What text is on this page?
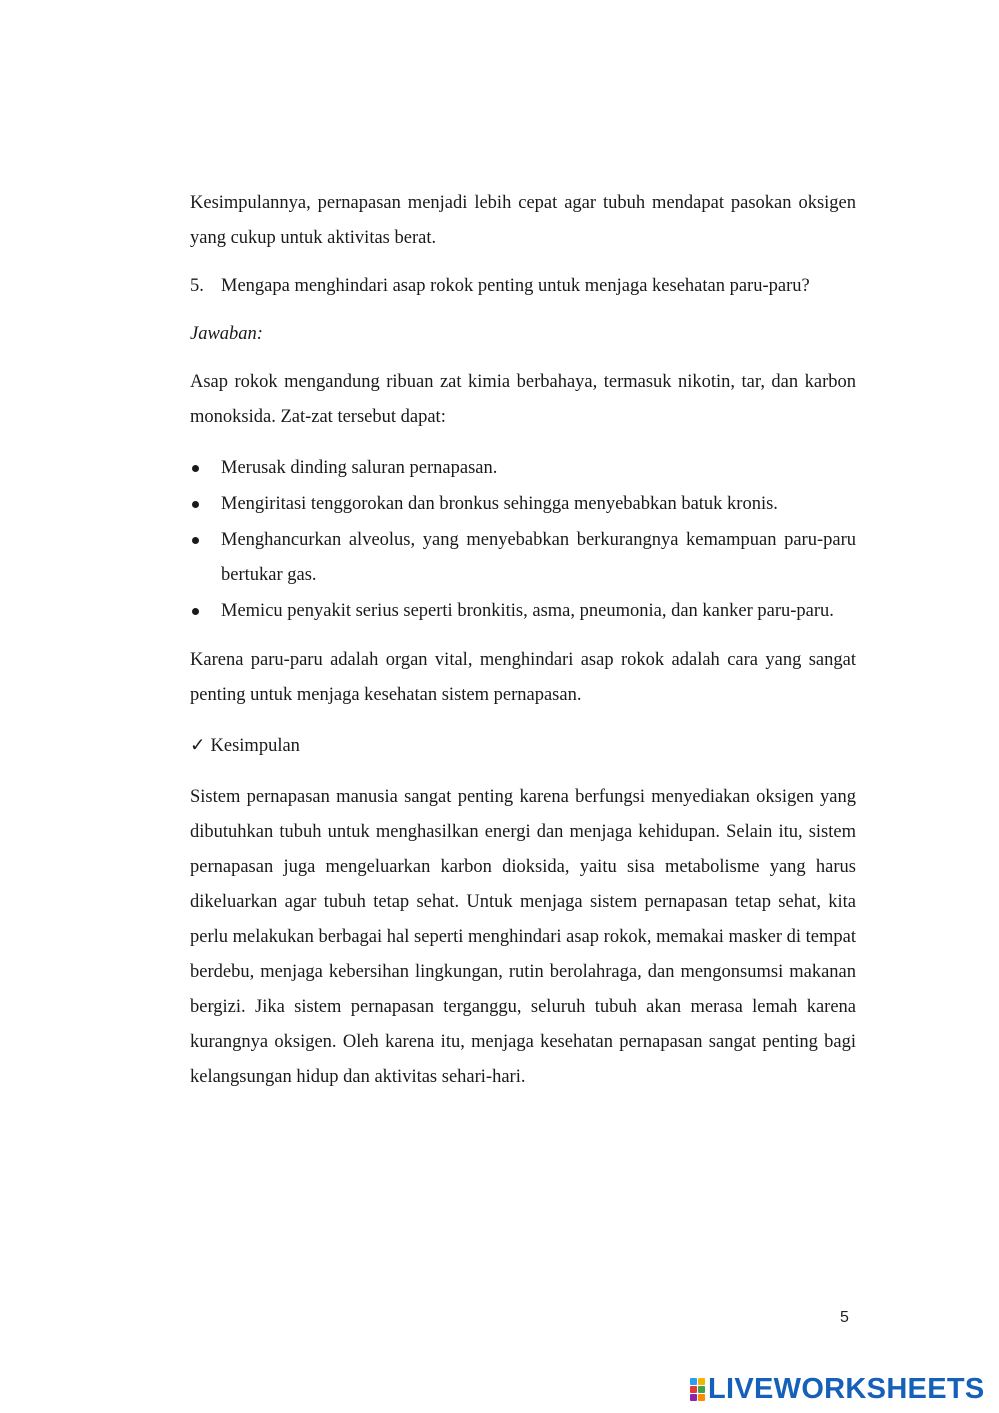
Kesimpulannya, pernapasan menjadi lebih cepat agar tubuh mendapat pasokan oksigen yang cukup untuk aktivitas berat.

5. Mengapa menghindari asap rokok penting untuk menjaga kesehatan paru-paru?

Jawaban:

Asap rokok mengandung ribuan zat kimia berbahaya, termasuk nikotin, tar, dan karbon monoksida. Zat-zat tersebut dapat:

Merusak dinding saluran pernapasan.
Mengiritasi tenggorokan dan bronkus sehingga menyebabkan batuk kronis.
Menghancurkan alveolus, yang menyebabkan berkurangnya kemampuan paru-paru bertukar gas.
Memicu penyakit serius seperti bronkitis, asma, pneumonia, dan kanker paru-paru.

Karena paru-paru adalah organ vital, menghindari asap rokok adalah cara yang sangat penting untuk menjaga kesehatan sistem pernapasan.

✓ Kesimpulan

Sistem pernapasan manusia sangat penting karena berfungsi menyediakan oksigen yang dibutuhkan tubuh untuk menghasilkan energi dan menjaga kehidupan. Selain itu, sistem pernapasan juga mengeluarkan karbon dioksida, yaitu sisa metabolisme yang harus dikeluarkan agar tubuh tetap sehat. Untuk menjaga sistem pernapasan tetap sehat, kita perlu melakukan berbagai hal seperti menghindari asap rokok, memakai masker di tempat berdebu, menjaga kebersihan lingkungan, rutin berolahraga, dan mengonsumsi makanan bergizi. Jika sistem pernapasan terganggu, seluruh tubuh akan merasa lemah karena kurangnya oksigen. Oleh karena itu, menjaga kesehatan pernapasan sangat penting bagi kelangsungan hidup dan aktivitas sehari-hari.

5
LIVEWORKSHEETS
